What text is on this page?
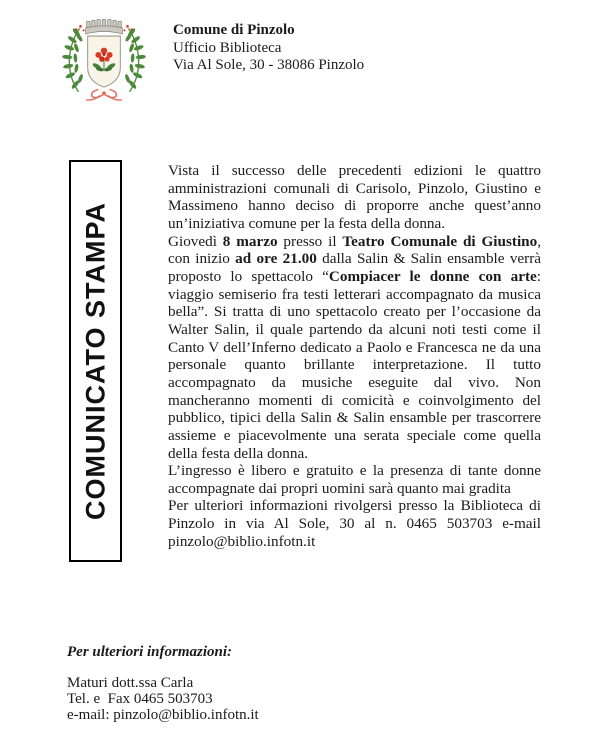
Comune di Pinzolo
Ufficio Biblioteca
Via Al Sole, 30 - 38086 Pinzolo
COMUNICATO STAMPA

Vista il successo delle precedenti edizioni le quattro amministrazioni comunali di Carisolo, Pinzolo, Giustino e Massimeno hanno deciso di proporre anche quest’anno un’iniziativa comune per la festa della donna.

Giovedì 8 marzo presso il Teatro Comunale di Giustino, con inizio ad ore 21.00 dalla Salin & Salin ensamble verrà proposto lo spettacolo “Compiacer le donne con arte: viaggio semiserio fra testi letterari accompagnato da musica bella”. Si tratta di uno spettacolo creato per l’occasione da Walter Salin, il quale partendo da alcuni noti testi come il Canto V dell’Inferno dedicato a Paolo e Francesca ne da una personale quanto brillante interpretazione. Il tutto accompagnato da musiche eseguite dal vivo. Non mancheranno momenti di comicità e coinvolgimento del pubblico, tipici della Salin & Salin ensamble per trascorrere assieme e piacevolmente una serata speciale come quella della festa della donna.

L’ingresso è libero e gratuito e la presenza di tante donne accompagnate dai propri uomini sarà quanto mai gradita

Per ulteriori informazioni rivolgersi presso la Biblioteca di Pinzolo in via Al Sole, 30 al n. 0465 503703 e-mail pinzolo@biblio.infotn.it

Per ulteriori informazioni:
Maturi dott.ssa Carla
Tel. e  Fax 0465 503703
e-mail: pinzolo@biblio.infotn.it
